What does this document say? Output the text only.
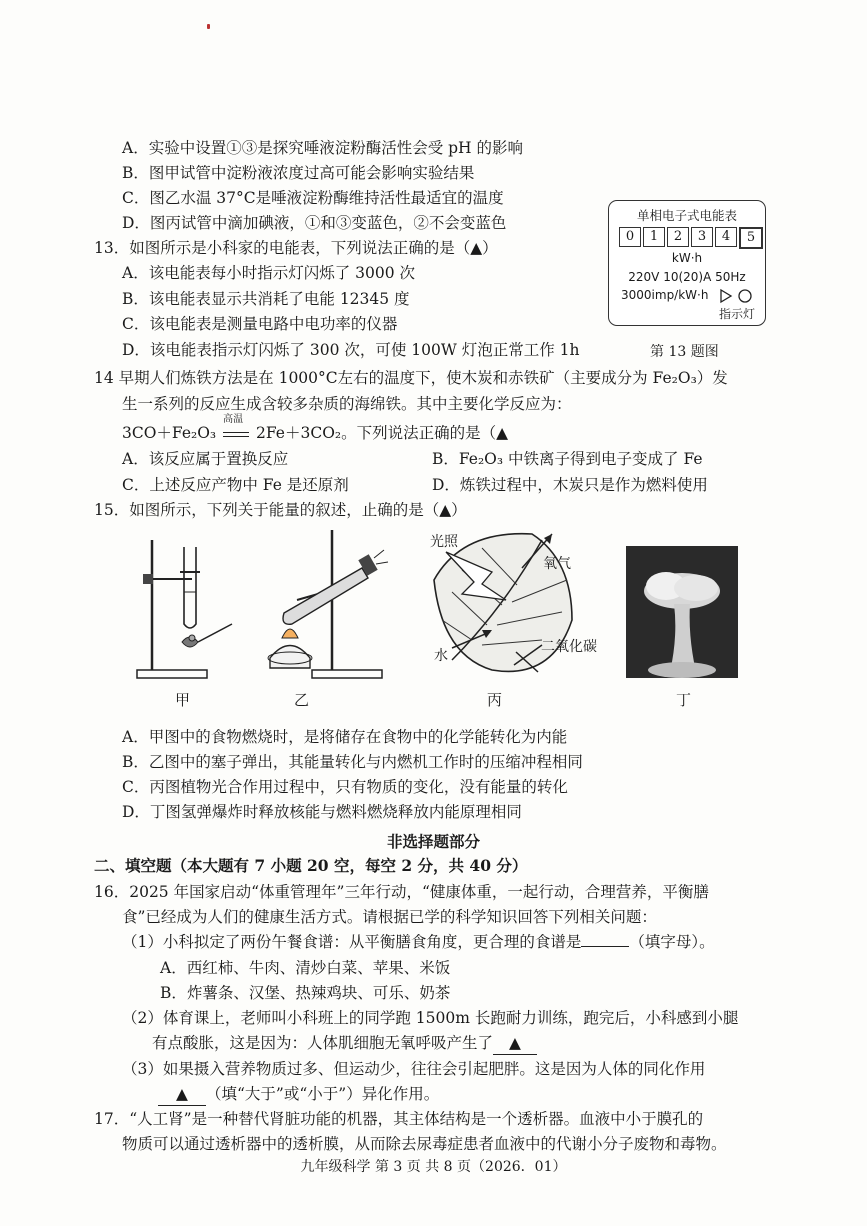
A．实验中设置①③是探究唾液淀粉酶活性会受 pH 的影响
B．图甲试管中淀粉液浓度过高可能会影响实验结果
C．图乙水温 37°C是唾液淀粉酶维持活性最适宜的温度
D．图丙试管中滴加碘液，①和③变蓝色，②不会变蓝色
13．如图所示是小科家的电能表，下列说法正确的是（▲）
A．该电能表每小时指示灯闪烁了 3000 次
B．该电能表显示共消耗了电能 12345 度
C．该电能表是测量电路中电功率的仪器
D．该电能表指示灯闪烁了 300 次，可使 100W 灯泡正常工作 1h
单相电子式电能表
0	1	2	3	4	5
kW·h
220V 10(20)A 50Hz
3000imp/kW·h
指示灯
第 13 题图
14 早期人们炼铁方法是在 1000°C左右的温度下，使木炭和赤铁矿（主要成分为 Fe₂O₃）发
生一系列的反应生成含较多杂质的海绵铁。其中主要化学反应为：
3CO＋Fe₂O₃
高温
2Fe＋3CO₂。下列说法正确的是（▲
A．该反应属于置换反应	B．Fe₂O₃ 中铁离子得到电子变成了 Fe
C．上述反应产物中 Fe 是还原剂	D．炼铁过程中，木炭只是作为燃料使用
15．如图所示，下列关于能量的叙述，止确的是（▲）
甲	乙
光照
氧气
水
二氧化碳
丙	丁
A．甲图中的食物燃烧时，是将储存在食物中的化学能转化为内能
B．乙图中的塞子弹出，其能量转化与内燃机工作时的压缩冲程相同
C．丙图植物光合作用过程中，只有物质的变化，没有能量的转化
D．丁图氢弹爆炸时释放核能与燃料燃烧释放内能原理相同
非选择题部分
二、填空题（本大题有 7 小题 20 空，每空 2 分，共 40 分）
16．2025 年国家启动“体重管理年”三年行动，“健康体重，一起行动，合理营养，平衡膳
食”已经成为人们的健康生活方式。请根据已学的科学知识回答下列相关问题：
（1）小科拟定了两份午餐食谱：从平衡膳食角度，更合理的食谱是	（填字母）。
A．西红柿、牛肉、清炒白菜、苹果、米饭
B．炸薯条、汉堡、热辣鸡块、可乐、奶茶
（2）体育课上，老师叫小科班上的同学跑 1500m 长跑耐力训练，跑完后，小科感到小腿
有点酸胀，这是因为：人体肌细胞无氧呼吸产生了 ▲
（3）如果摄入营养物质过多、但运动少，往往会引起肥胖。这是因为人体的同化作用
▲ （填“大于”或“小于”）异化作用。
17．“人工肾”是一种替代肾脏功能的机器，其主体结构是一个透析器。血液中小于膜孔的
物质可以通过透析器中的透析膜，从而除去尿毒症患者血液中的代谢小分子废物和毒物。
九年级科学 第 3 页 共 8 页（2026．01）
